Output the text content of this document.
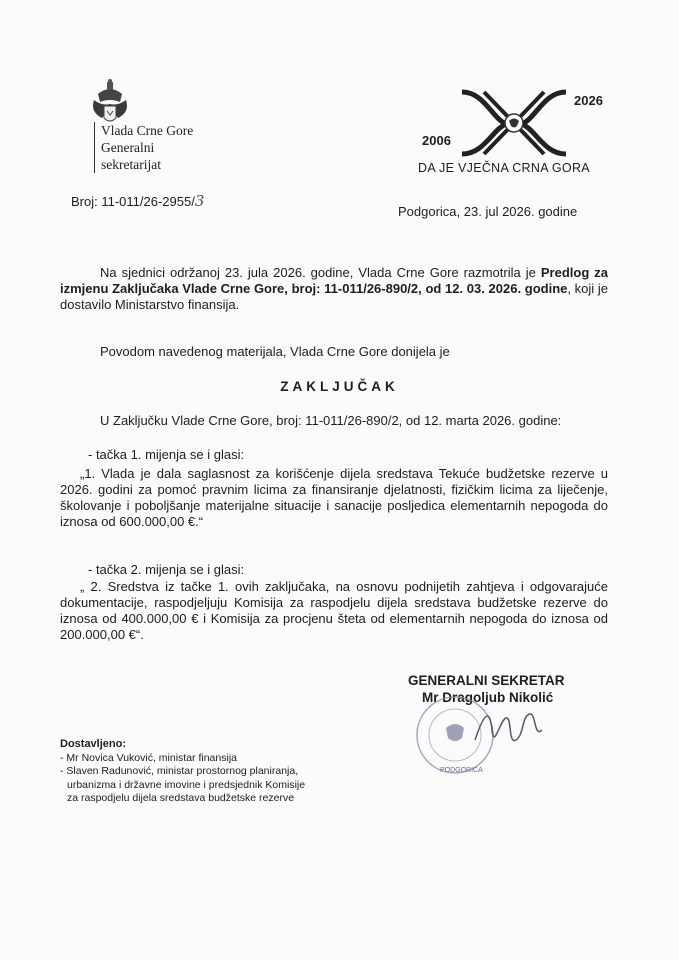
Vlada Crne Gore
Generalni
sekretarijat
2006
2026
DA JE VJEČNA CRNA GORA
Broj: 11-011/26-2955/3
Podgorica, 23. jul 2026. godine
Na sjednici održanoj 23. jula 2026. godine, Vlada Crne Gore razmotrila je Predlog za izmjenu Zaključaka Vlade Crne Gore, broj: 11-011/26-890/2, od 12. 03. 2026. godine, koji je dostavilo Ministarstvo finansija.
Povodom navedenog materijala, Vlada Crne Gore donijela je
ZAKLJUČAK
U Zaključku Vlade Crne Gore, broj: 11-011/26-890/2, od 12. marta 2026. godine:
- tačka 1. mijenja se i glasi:
„1. Vlada je dala saglasnost za korišćenje dijela sredstava Tekuće budžetske rezerve u 2026. godini za pomoć pravnim licima za finansiranje djelatnosti, fizičkim licima za liječenje, školovanje i poboljšanje materijalne situacije i sanacije posljedica elementarnih nepogoda do iznosa od 600.000,00 €.“
- tačka 2. mijenja se i glasi:
„ 2. Sredstva iz tačke 1. ovih zaključaka, na osnovu podnijetih zahtjeva i odgovarajuće dokumentacije, raspodjeljuju Komisija za raspodjelu dijela sredstava budžetske rezerve do iznosa od 400.000,00 € i Komisija za procjenu šteta od elementarnih nepogoda do iznosa od 200.000,00 €“.
GENERALNI SEKRETAR
Mr Dragoljub Nikolić
PODGORICA
Dostavljeno:
- Mr Novica Vuković, ministar finansija
- Slaven Radunović, ministar prostornog planiranja,
urbanizma i državne imovine i predsjednik Komisije
za raspodjelu dijela sredstava budžetske rezerve
